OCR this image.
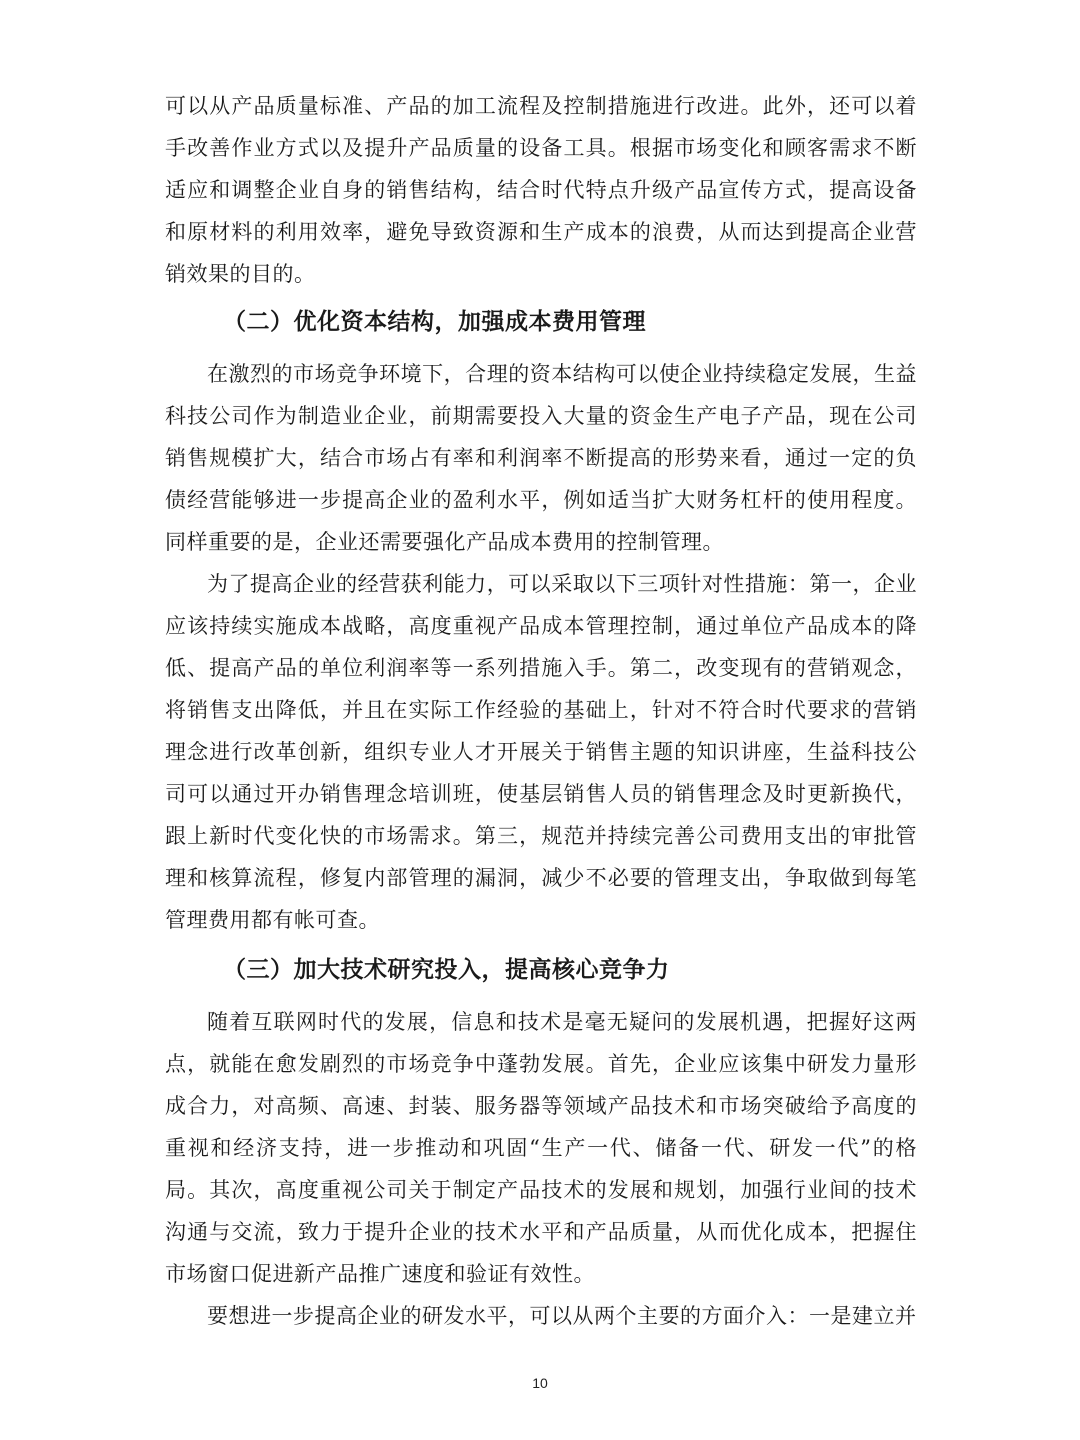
可以从产品质量标准、产品的加工流程及控制措施进行改进。此外，还可以着手改善作业方式以及提升产品质量的设备工具。根据市场变化和顾客需求不断适应和调整企业自身的销售结构，结合时代特点升级产品宣传方式，提高设备和原材料的利用效率，避免导致资源和生产成本的浪费，从而达到提高企业营销效果的目的。

（二）优化资本结构，加强成本费用管理

在激烈的市场竞争环境下，合理的资本结构可以使企业持续稳定发展，生益科技公司作为制造业企业，前期需要投入大量的资金生产电子产品，现在公司销售规模扩大，结合市场占有率和利润率不断提高的形势来看，通过一定的负债经营能够进一步提高企业的盈利水平，例如适当扩大财务杠杆的使用程度。同样重要的是，企业还需要强化产品成本费用的控制管理。

为了提高企业的经营获利能力，可以采取以下三项针对性措施：第一，企业应该持续实施成本战略，高度重视产品成本管理控制，通过单位产品成本的降低、提高产品的单位利润率等一系列措施入手。第二，改变现有的营销观念，将销售支出降低，并且在实际工作经验的基础上，针对不符合时代要求的营销理念进行改革创新，组织专业人才开展关于销售主题的知识讲座，生益科技公司可以通过开办销售理念培训班，使基层销售人员的销售理念及时更新换代，跟上新时代变化快的市场需求。第三，规范并持续完善公司费用支出的审批管理和核算流程，修复内部管理的漏洞，减少不必要的管理支出，争取做到每笔管理费用都有帐可查。

（三）加大技术研究投入，提高核心竞争力

随着互联网时代的发展，信息和技术是毫无疑问的发展机遇，把握好这两点，就能在愈发剧烈的市场竞争中蓬勃发展。首先，企业应该集中研发力量形成合力，对高频、高速、封装、服务器等领域产品技术和市场突破给予高度的重视和经济支持，进一步推动和巩固“生产一代、储备一代、研发一代”的格局。其次，高度重视公司关于制定产品技术的发展和规划，加强行业间的技术沟通与交流，致力于提升企业的技术水平和产品质量，从而优化成本，把握住市场窗口促进新产品推广速度和验证有效性。

要想进一步提高企业的研发水平，可以从两个主要的方面介入：一是建立并

10
